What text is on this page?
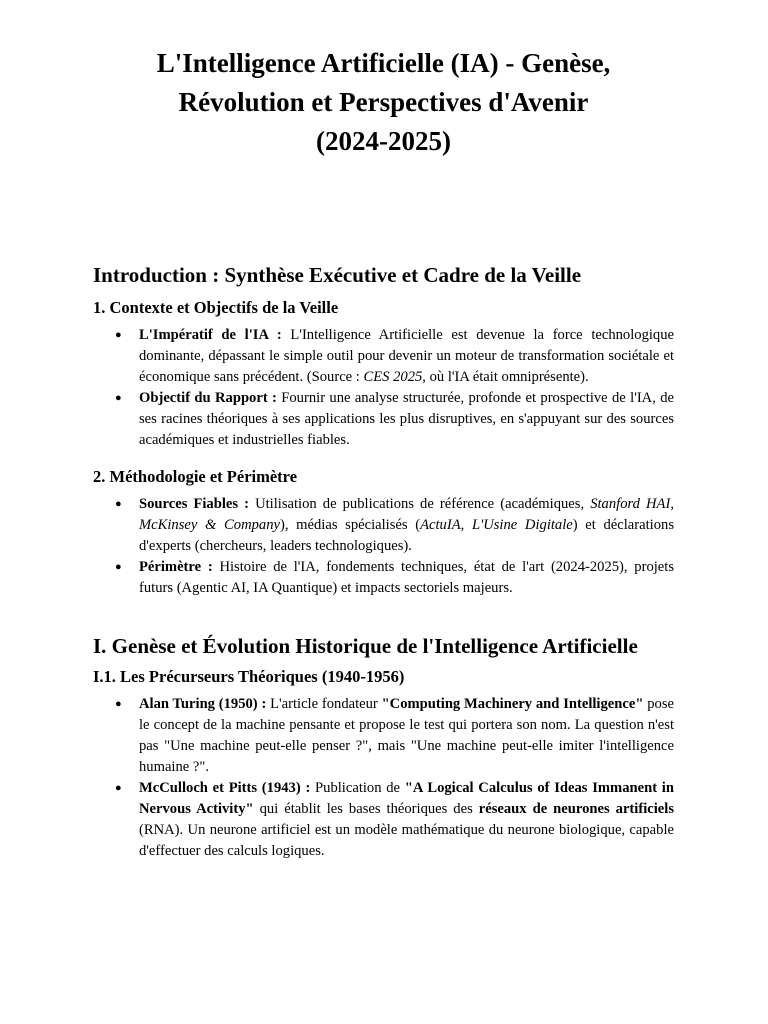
L'Intelligence Artificielle (IA) - Genèse,
Révolution et Perspectives d'Avenir
(2024-2025)
Introduction : Synthèse Exécutive et Cadre de la Veille
1. Contexte et Objectifs de la Veille
● L'Impératif de l'IA : L'Intelligence Artificielle est devenue la force technologique dominante, dépassant le simple outil pour devenir un moteur de transformation sociétale et économique sans précédent. (Source : CES 2025, où l'IA était omniprésente).
● Objectif du Rapport : Fournir une analyse structurée, profonde et prospective de l'IA, de ses racines théoriques à ses applications les plus disruptives, en s'appuyant sur des sources académiques et industrielles fiables.
2. Méthodologie et Périmètre
● Sources Fiables : Utilisation de publications de référence (académiques, Stanford HAI, McKinsey & Company), médias spécialisés (ActuIA, L'Usine Digitale) et déclarations d'experts (chercheurs, leaders technologiques).
● Périmètre : Histoire de l'IA, fondements techniques, état de l'art (2024-2025), projets futurs (Agentic AI, IA Quantique) et impacts sectoriels majeurs.
I. Genèse et Évolution Historique de l'Intelligence Artificielle
I.1. Les Précurseurs Théoriques (1940-1956)
● Alan Turing (1950) : L'article fondateur "Computing Machinery and Intelligence" pose le concept de la machine pensante et propose le test qui portera son nom. La question n'est pas "Une machine peut-elle penser ?", mais "Une machine peut-elle imiter l'intelligence humaine ?".
● McCulloch et Pitts (1943) : Publication de "A Logical Calculus of Ideas Immanent in Nervous Activity" qui établit les bases théoriques des réseaux de neurones artificiels (RNA). Un neurone artificiel est un modèle mathématique du neurone biologique, capable d'effectuer des calculs logiques.
